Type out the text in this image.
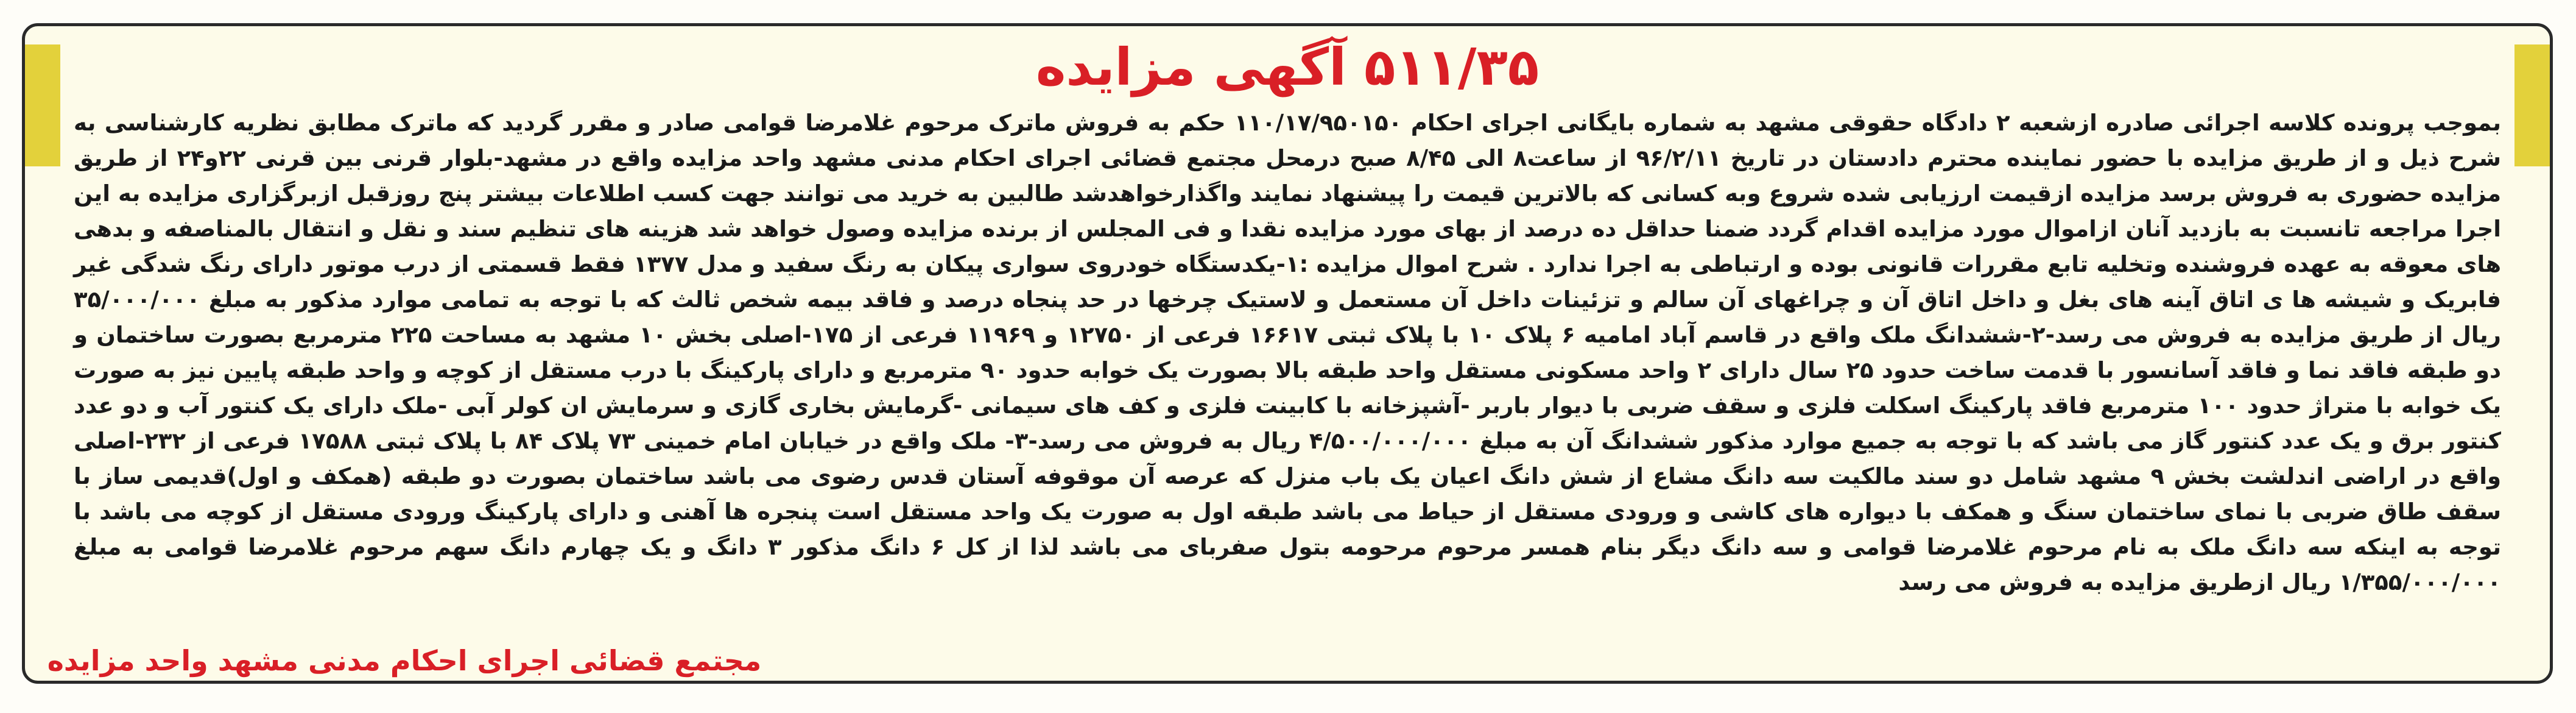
۵۱۱/۳۵ آگهی مزایده
بموجب پرونده کلاسه اجرائی صادره ازشعبه ۲ دادگاه حقوقی مشهد به شماره بایگانی اجرای احکام ۱۱۰/۱۷/۹۵۰۱۵۰ حکم به فروش ماترک مرحوم غلامرضا قوامی صادر و مقرر گردید که ماترک مطابق نظریه کارشناسی به شرح ذیل و از طریق مزایده با حضور نماینده محترم دادستان در تاریخ ۹۶/۲/۱۱ از ساعت۸ الی ۸/۴۵ صبح درمحل مجتمع قضائی اجرای احکام مدنی مشهد واحد مزایده واقع در مشهد-بلوار قرنی بین قرنی ۲۲و۲۴ از طریق مزایده حضوری به فروش برسد مزایده ازقیمت ارزیابی شده شروع وبه کسانی که بالاترین قیمت را پیشنهاد نمایند واگذارخواهدشد طالبین به خرید می توانند جهت کسب اطلاعات بیشتر پنج روزقبل ازبرگزاری مزایده به این اجرا مراجعه تانسبت به بازدید آنان ازاموال مورد مزایده اقدام گردد ضمنا حداقل ده درصد از بهای مورد مزایده نقدا و فی المجلس از برنده مزایده وصول خواهد شد هزینه های تنظیم سند و نقل و انتقال بالمناصفه و بدهی های معوقه به عهده فروشنده وتخلیه تابع مقررات قانونی بوده و ارتباطی به اجرا ندارد . شرح اموال مزایده :۱-یکدستگاه خودروی سواری پیکان به رنگ سفید و مدل ۱۳۷۷ فقط قسمتی از درب موتور دارای رنگ شدگی غیر فابریک و شیشه ها ی اتاق آینه های بغل و داخل اتاق آن و چراغهای آن سالم و تزئینات داخل آن مستعمل و لاستیک چرخها در حد پنجاه درصد و فاقد بیمه شخص ثالث که با توجه به تمامی موارد مذکور به مبلغ ۳۵/۰۰۰/۰۰۰ ریال از طریق مزایده به فروش می رسد-۲-ششدانگ ملک واقع در قاسم آباد امامیه ۶ پلاک ۱۰ با پلاک ثبتی ۱۶۶۱۷ فرعی از ۱۲۷۵۰ و ۱۱۹۶۹ فرعی از ۱۷۵-اصلی بخش ۱۰ مشهد به مساحت ۲۲۵ مترمربع بصورت ساختمان و دو طبقه فاقد نما و فاقد آسانسور با قدمت ساخت حدود ۲۵ سال دارای ۲ واحد مسکونی مستقل واحد طبقه بالا بصورت یک خوابه حدود ۹۰ مترمربع و دارای پارکینگ با درب مستقل از کوچه و واحد طبقه پایین نیز به صورت یک خوابه با متراژ حدود ۱۰۰ مترمربع فاقد پارکینگ اسکلت فلزی و سقف ضربی با دیوار باربر -آشپزخانه با کابینت فلزی و کف های سیمانی -گرمایش بخاری گازی و سرمایش ان کولر آبی -ملک دارای یک کنتور آب و دو عدد کنتور برق و یک عدد کنتور گاز می باشد که با توجه به جمیع موارد مذکور ششدانگ آن به مبلغ ۴/۵۰۰/۰۰۰/۰۰۰ ریال به فروش می رسد-۳- ملک واقع در خیابان امام خمینی ۷۳ پلاک ۸۴ با پلاک ثبتی ۱۷۵۸۸ فرعی از ۲۳۲-اصلی واقع در اراضی اندلشت بخش ۹ مشهد شامل دو سند مالکیت سه دانگ مشاع از شش دانگ اعیان یک باب منزل که عرصه آن موقوفه آستان قدس رضوی می باشد ساختمان بصورت دو طبقه (همکف و اول)قدیمی ساز با سقف طاق ضربی با نمای ساختمان سنگ و همکف با دیواره های کاشی و ورودی مستقل از حیاط می باشد طبقه اول به صورت یک واحد مستقل است پنجره ها آهنی و دارای پارکینگ ورودی مستقل از کوچه می باشد با توجه به اینکه سه دانگ ملک به نام مرحوم غلامرضا قوامی و سه دانگ دیگر بنام همسر مرحوم مرحومه بتول صفربای می باشد لذا از کل ۶ دانگ مذکور ۳ دانگ و یک چهارم دانگ سهم مرحوم غلامرضا قوامی به مبلغ ۱/۳۵۵/۰۰۰/۰۰۰ ریال ازطریق مزایده به فروش می رسد
مجتمع قضائی اجرای احکام مدنی مشهد واحد مزایده
